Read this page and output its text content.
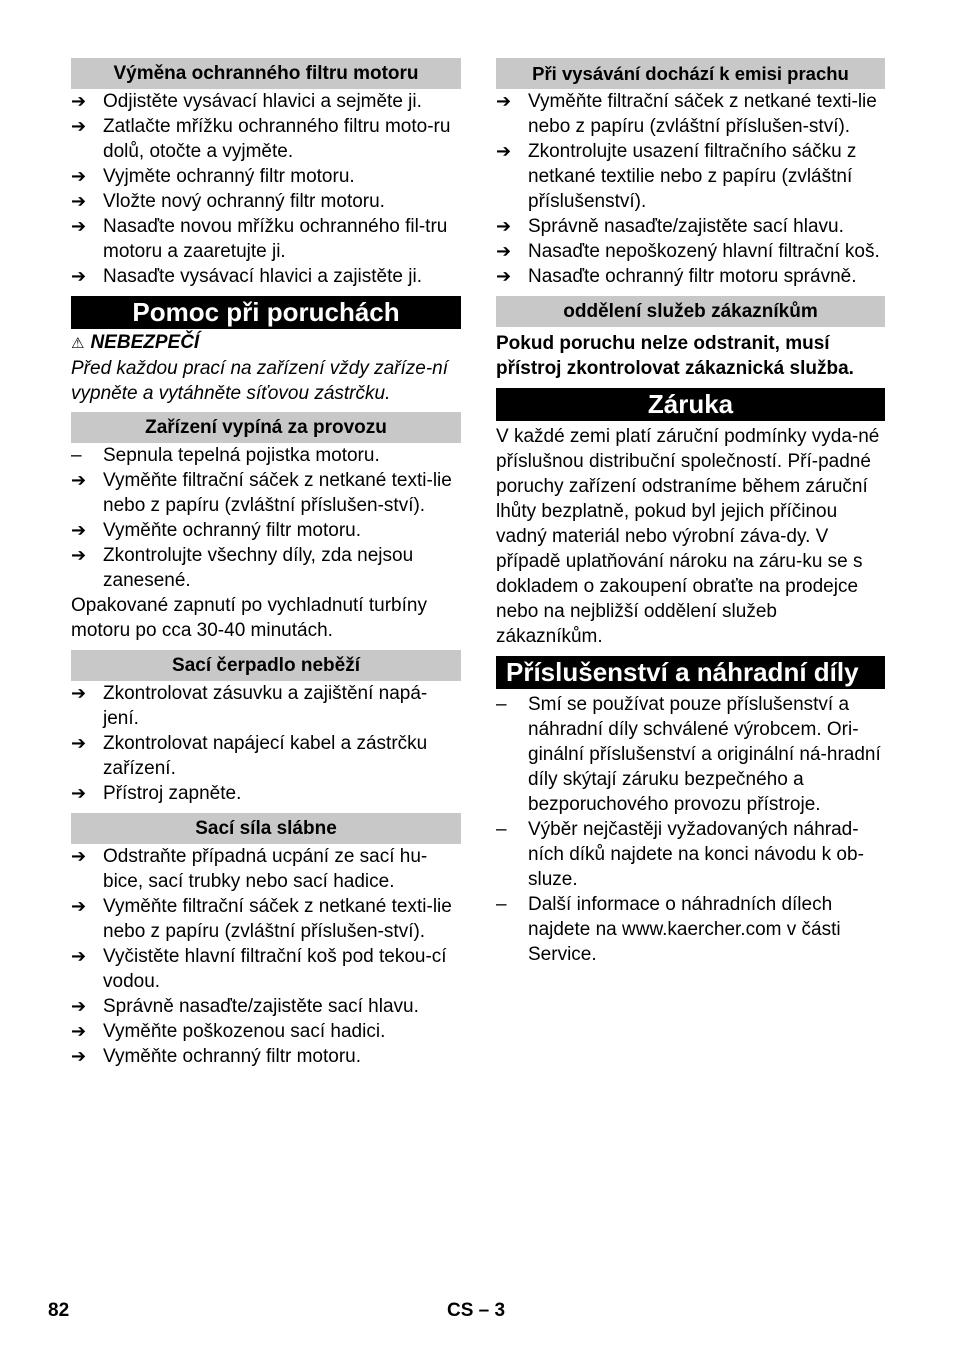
Výměna ochranného filtru motoru
➔ Odjistěte vysávací hlavici a sejměte ji.
➔ Zatlačte mřížku ochranného filtru moto-ru dolů, otočte a vyjměte.
➔ Vyjměte ochranný filtr motoru.
➔ Vložte nový ochranný filtr motoru.
➔ Nasaďte novou mřížku ochranného fil-tru motoru a zaaretujte ji.
➔ Nasaďte vysávací hlavici a zajistěte ji.
Pomoc při poruchách

⚠ NEBEZPEČÍ

Před každou prací na zařízení vždy zaříze-ní vypněte a vytáhněte síťovou zástrčku.

Zařízení vypíná za provozu
–	Sepnula tepelná pojistka motoru.
➔ Vyměňte filtrační sáček z netkané texti-lie nebo z papíru (zvláštní příslušen-ství).
➔ Vyměňte ochranný filtr motoru.
➔ Zkontrolujte všechny díly, zda nejsou zanesené.

Opakované zapnutí po vychladnutí turbíny motoru po cca 30-40 minutách.

Sací čerpadlo neběží
➔ Zkontrolovat zásuvku a zajištění napá-jení.
➔ Zkontrolovat napájecí kabel a zástrčku zařízení.
➔ Přístroj zapněte.
Sací síla slábne
➔ Odstraňte případná ucpání ze sací hu-bice, sací trubky nebo sací hadice.
➔ Vyměňte filtrační sáček z netkané texti-lie nebo z papíru (zvláštní příslušen-ství).
➔ Vyčistěte hlavní filtrační koš pod tekou-cí vodou.
➔ Správně nasaďte/zajistěte sací hlavu.
➔ Vyměňte poškozenou sací hadici.
➔ Vyměňte ochranný filtr motoru.
Při vysávání dochází k emisi prachu
➔ Vyměňte filtrační sáček z netkané texti-lie nebo z papíru (zvláštní příslušen-ství).
➔ Zkontrolujte usazení filtračního sáčku z netkané textilie nebo z papíru (zvláštní příslušenství).
➔ Správně nasaďte/zajistěte sací hlavu.
➔ Nasaďte nepoškozený hlavní filtrační koš.
➔ Nasaďte ochranný filtr motoru správně.
oddělení služeb zákazníkům

Pokud poruchu nelze odstranit, musí přístroj zkontrolovat zákaznická služba.

Záruka

V každé zemi platí záruční podmínky vyda-né příslušnou distribuční společností. Pří-padné poruchy zařízení odstraníme během záruční lhůty bezplatně, pokud byl jejich příčinou vadný materiál nebo výrobní záva-dy. V případě uplatňování nároku na záru-ku se s dokladem o zakoupení obraťte na prodejce nebo na nejbližší oddělení služeb zákazníkům.

Příslušenství a náhradní díly
–	Smí se používat pouze příslušenství a náhradní díly schválené výrobcem. Ori-ginální příslušenství a originální ná-hradní díly skýtají záruku bezpečného a bezporuchového provozu přístroje.
–	Výběr nejčastěji vyžadovaných náhrad-ních díků najdete na konci návodu k ob-sluze.
–	Další informace o náhradních dílech najdete na www.kaercher.com v části Service.
82	CS – 3
